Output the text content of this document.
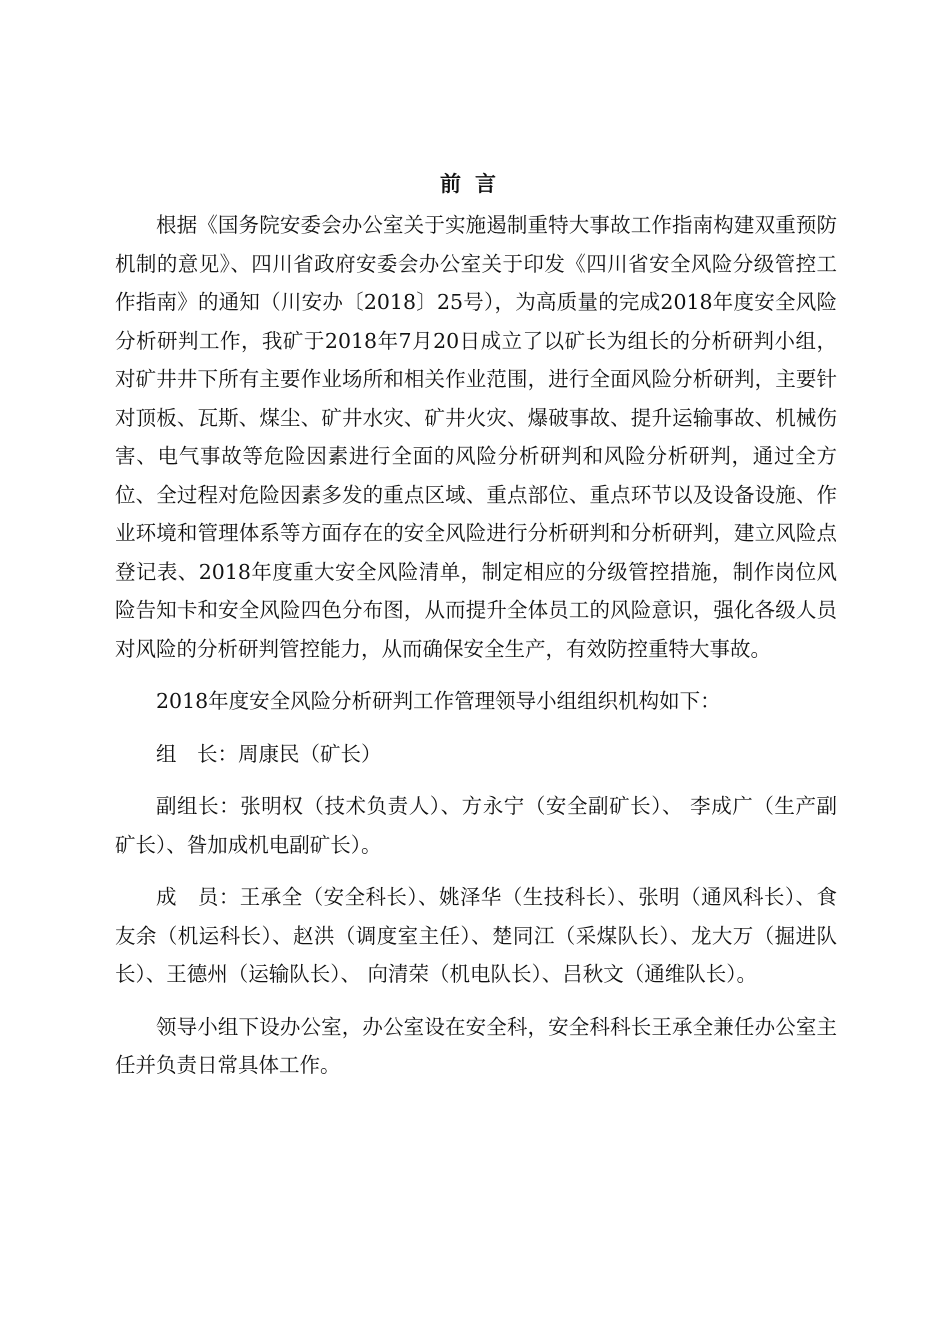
前言

根据《国务院安委会办公室关于实施遏制重特大事故工作指南构建双重预防机制的意见》、四川省政府安委会办公室关于印发《四川省安全风险分级管控工作指南》的通知（川安办〔2018〕25号），为高质量的完成2018年度安全风险分析研判工作，我矿于2018年7月20日成立了以矿长为组长的分析研判小组，对矿井井下所有主要作业场所和相关作业范围，进行全面风险分析研判，主要针对顶板、瓦斯、煤尘、矿井水灾、矿井火灾、爆破事故、提升运输事故、机械伤害、电气事故等危险因素进行全面的风险分析研判和风险分析研判，通过全方位、全过程对危险因素多发的重点区域、重点部位、重点环节以及设备设施、作业环境和管理体系等方面存在的安全风险进行分析研判和分析研判，建立风险点登记表、2018年度重大安全风险清单，制定相应的分级管控措施，制作岗位风险告知卡和安全风险四色分布图，从而提升全体员工的风险意识，强化各级人员对风险的分析研判管控能力，从而确保安全生产，有效防控重特大事故。

2018年度安全风险分析研判工作管理领导小组组织机构如下：

组　长：周康民（矿长）

副组长：张明权（技术负责人）、方永宁（安全副矿长）、 李成广（生产副矿长）、昝加成机电副矿长）。

成　员：王承全（安全科长）、姚泽华（生技科长）、张明（通风科长）、食友余（机运科长）、赵洪（调度室主任）、楚同江（采煤队长）、龙大万（掘进队长）、王德州（运输队长）、 向清荣（机电队长）、吕秋文（通维队长）。

领导小组下设办公室，办公室设在安全科，安全科科长王承全兼任办公室主任并负责日常具体工作。
